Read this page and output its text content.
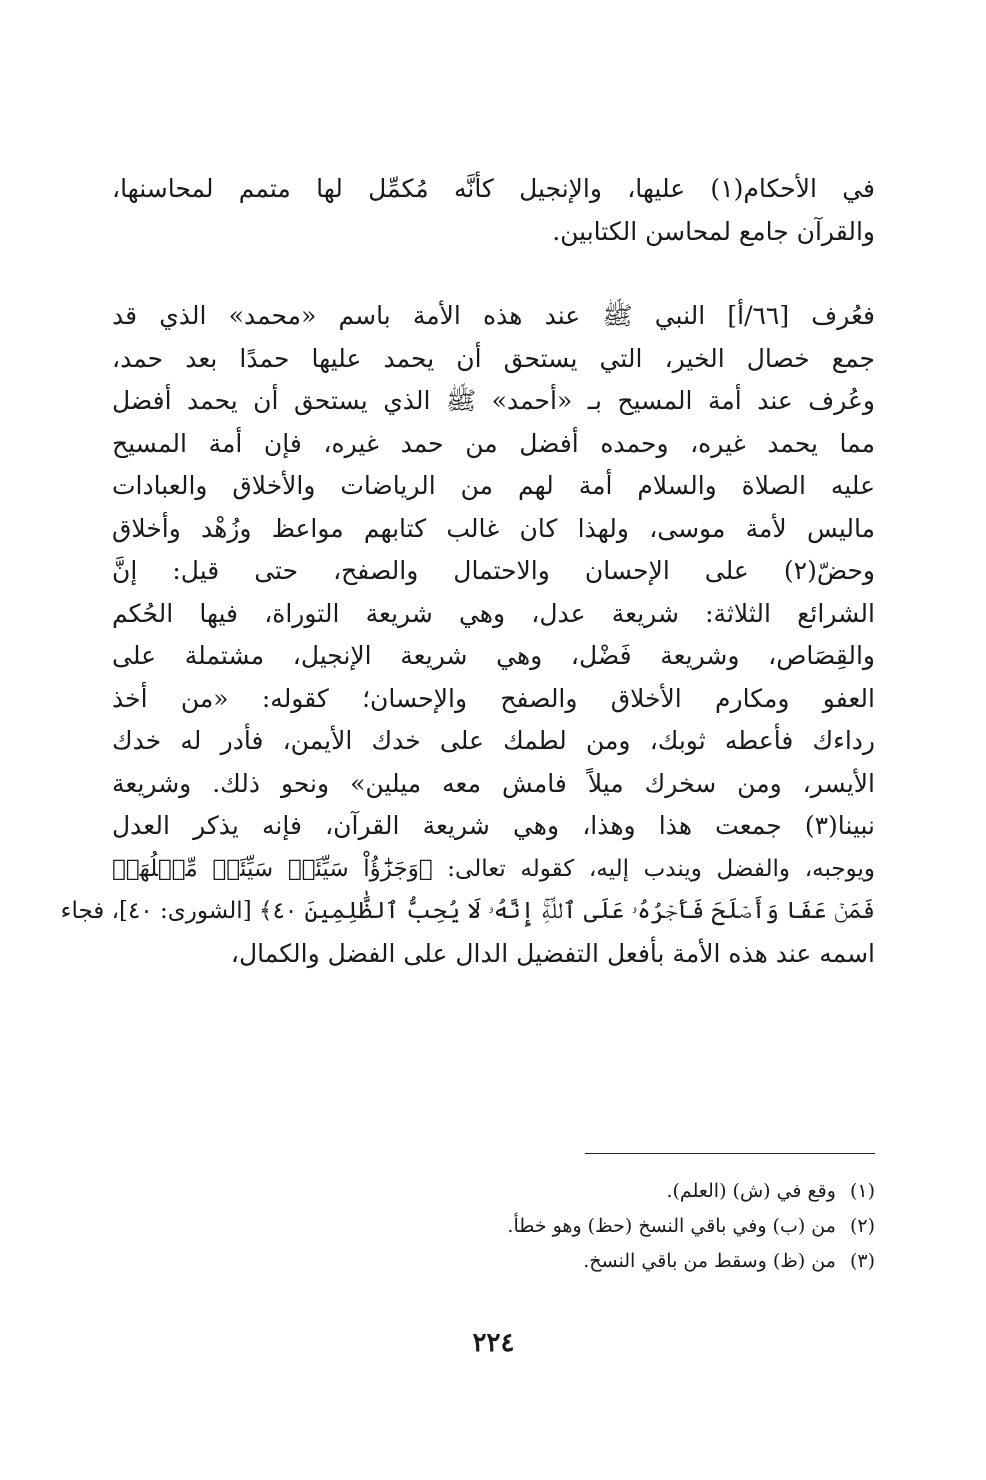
في الأحكام(١) عليها، والإنجيل كأنَّه مُكمِّل لها متمم لمحاسنها،
والقرآن جامع لمحاسن الكتابين.
فعُرف [٦٦/أ] النبي ﷺ عند هذه الأمة باسم «محمد» الذي قد
جمع خصال الخير، التي يستحق أن يحمد عليها حمدًا بعد حمد،
وعُرف عند أمة المسيح بـ «أحمد» ﷺ الذي يستحق أن يحمد أفضل
مما يحمد غيره، وحمده أفضل من حمد غيره، فإن أمة المسيح
عليه الصلاة والسلام أمة لهم من الرياضات والأخلاق والعبادات
ماليس لأمة موسى، ولهذا كان غالب كتابهم مواعظ وزُهْد وأخلاق
وحضّ(٢) على الإحسان والاحتمال والصفح، حتى قيل: إنَّ
الشرائع الثلاثة: شريعة عدل، وهي شريعة التوراة، فيها الحُكم
والقِصَاص، وشريعة فَضْل، وهي شريعة الإنجيل، مشتملة على
العفو ومكارم الأخلاق والصفح والإحسان؛ كقوله: «من أخذ
رداءك فأعطه ثوبك، ومن لطمك على خدك الأيمن، فأدر له خدك
الأيسر، ومن سخرك ميلاً فامش معه ميلين» ونحو ذلك. وشريعة
نبينا(٣) جمعت هذا وهذا، وهي شريعة القرآن، فإنه يذكر العدل
ويوجبه، والفضل ويندب إليه، كقوله تعالى: ﴿وَجَزَٰٓؤُاْ سَيِّئَةٖ سَيِّئَةٞ مِّثۡلُهَاۖ
فَمَنۡ عَفَا وَأَصۡلَحَ فَأَجۡرُهُۥ عَلَى ٱللَّهِۚ إِنَّهُۥ لَا يُحِبُّ ٱلظَّٰلِمِينَ ٤٠﴾ [الشورى: ٤٠]، فجاء
اسمه عند هذه الأمة بأفعل التفضيل الدال على الفضل والكمال،
(١)وقع في (ش) (العلم).
(٢)من (ب) وفي باقي النسخ (حظ) وهو خطأ.
(٣)من (ظ) وسقط من باقي النسخ.
٢٢٤
